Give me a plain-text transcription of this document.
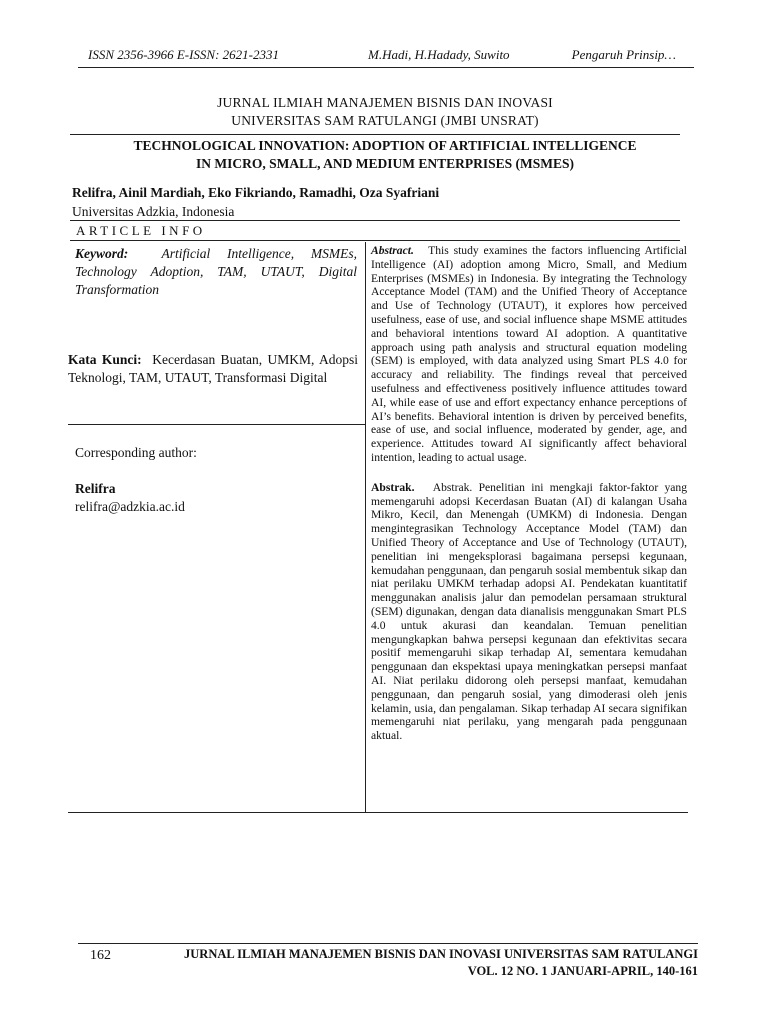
ISSN 2356-3966 E-ISSN: 2621-2331	M.Hadi, H.Hadady, Suwito	Pengaruh Prinsip…
JURNAL ILMIAH MANAJEMEN BISNIS DAN INOVASI
UNIVERSITAS SAM RATULANGI (JMBI UNSRAT)
TECHNOLOGICAL INNOVATION: ADOPTION OF ARTIFICIAL INTELLIGENCE
IN MICRO, SMALL, AND MEDIUM ENTERPRISES (MSMES)
Relifra, Ainil Mardiah, Eko Fikriando, Ramadhi, Oza Syafriani
Universitas Adzkia, Indonesia
ARTICLE INFO
Keyword: Artificial Intelligence, MSMEs, Technology Adoption, TAM, UTAUT, Digital Transformation
Kata Kunci: Kecerdasan Buatan, UMKM, Adopsi Teknologi, TAM, UTAUT, Transformasi Digital
Corresponding author:
Relifra
relifra@adzkia.ac.id

Abstract. This study examines the factors influencing Artificial Intelligence (AI) adoption among Micro, Small, and Medium Enterprises (MSMEs) in Indonesia. By integrating the Technology Acceptance Model (TAM) and the Unified Theory of Acceptance and Use of Technology (UTAUT), it explores how perceived usefulness, ease of use, and social influence shape MSME attitudes and behavioral intentions toward AI adoption. A quantitative approach using path analysis and structural equation modeling (SEM) is employed, with data analyzed using Smart PLS 4.0 for accuracy and reliability. The findings reveal that perceived usefulness and effectiveness positively influence attitudes toward AI, while ease of use and effort expectancy enhance perceptions of AI’s benefits. Behavioral intention is driven by perceived benefits, ease of use, and social influence, moderated by gender, age, and experience. Attitudes toward AI significantly affect behavioral intention, leading to actual usage.

Abstrak. Abstrak. Penelitian ini mengkaji faktor-faktor yang memengaruhi adopsi Kecerdasan Buatan (AI) di kalangan Usaha Mikro, Kecil, dan Menengah (UMKM) di Indonesia. Dengan mengintegrasikan Technology Acceptance Model (TAM) dan Unified Theory of Acceptance and Use of Technology (UTAUT), penelitian ini mengeksplorasi bagaimana persepsi kegunaan, kemudahan penggunaan, dan pengaruh sosial membentuk sikap dan niat perilaku UMKM terhadap adopsi AI. Pendekatan kuantitatif menggunakan analisis jalur dan pemodelan persamaan struktural (SEM) digunakan, dengan data dianalisis menggunakan Smart PLS 4.0 untuk akurasi dan keandalan. Temuan penelitian mengungkapkan bahwa persepsi kegunaan dan efektivitas secara positif memengaruhi sikap terhadap AI, sementara kemudahan penggunaan dan ekspektasi upaya meningkatkan persepsi manfaat AI. Niat perilaku didorong oleh persepsi manfaat, kemudahan penggunaan, dan pengaruh sosial, yang dimoderasi oleh jenis kelamin, usia, dan pengalaman. Sikap terhadap AI secara signifikan memengaruhi niat perilaku, yang mengarah pada penggunaan aktual.

162	JURNAL ILMIAH MANAJEMEN BISNIS DAN INOVASI UNIVERSITAS SAM RATULANGI
VOL. 12 NO. 1 JANUARI-APRIL, 140-161
